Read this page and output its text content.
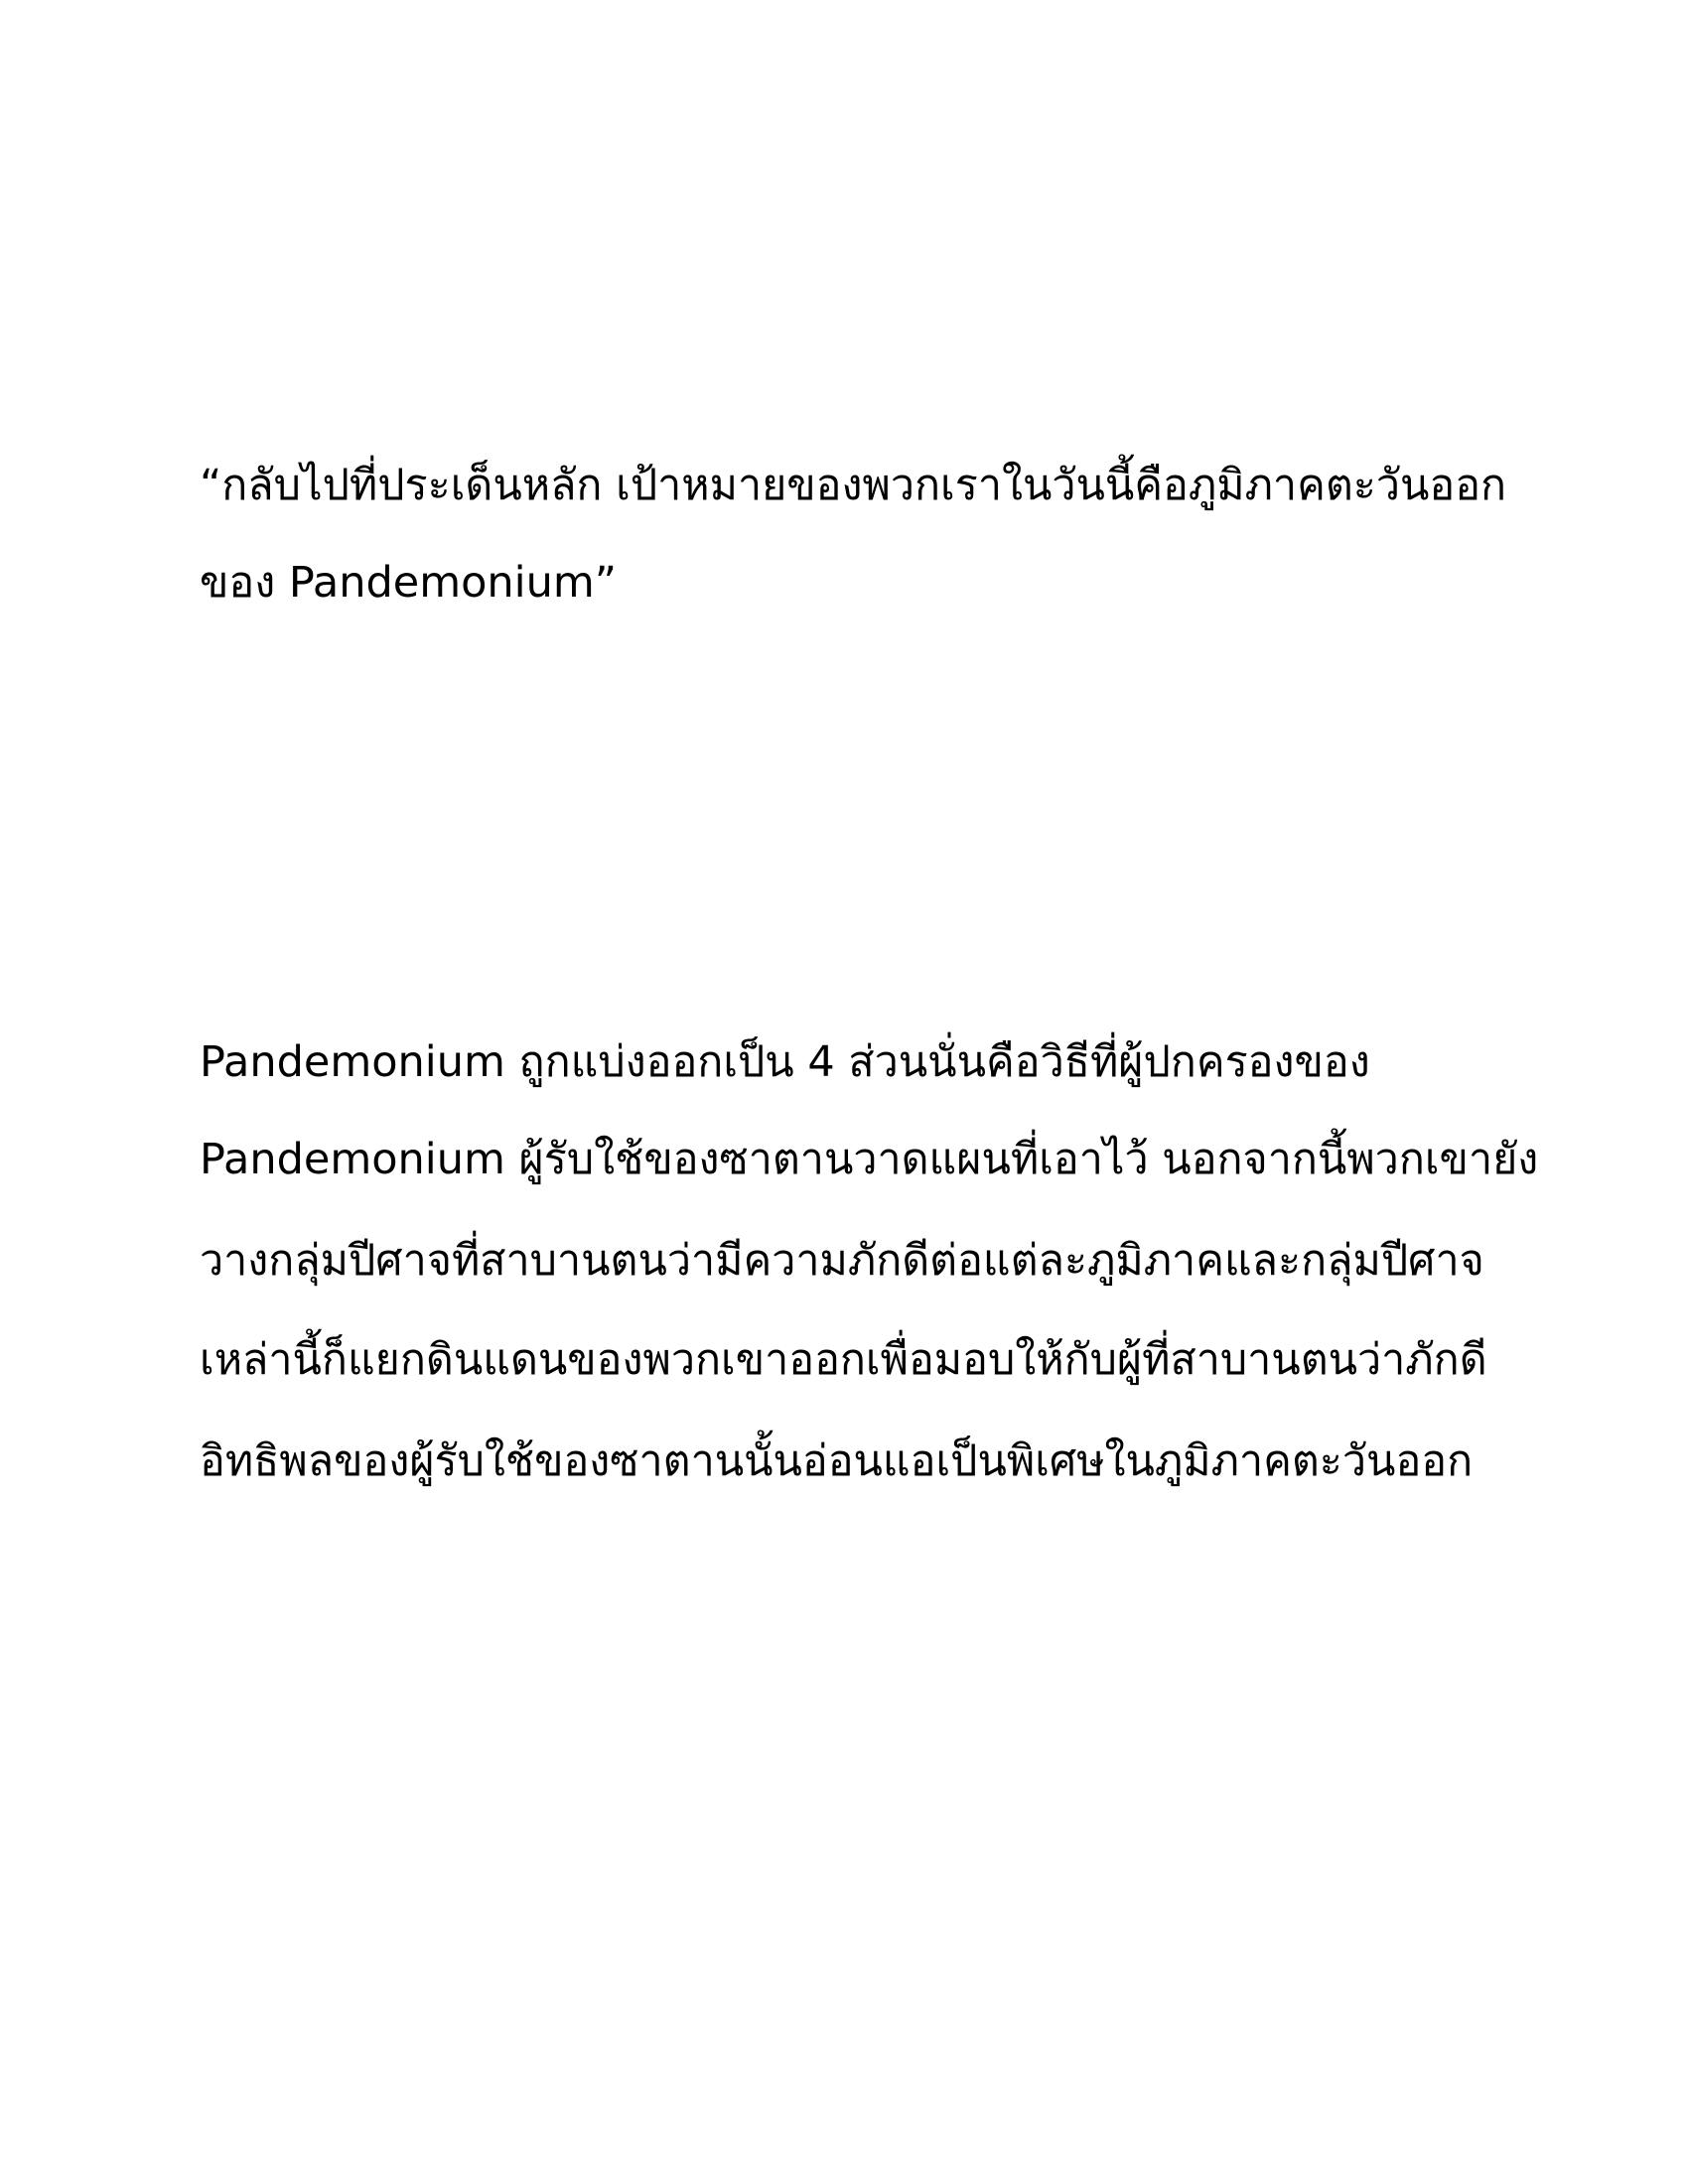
“กลับไปที่ประเด็นหลัก เป้าหมายของพวกเราในวันนี้คือภูมิภาคตะวันออก
ของ Pandemonium”
Pandemonium ถูกแบ่งออกเป็น 4 ส่วนนั่นคือวิธีที่ผู้ปกครองของ
Pandemonium ผู้รับใช้ของซาตานวาดแผนที่เอาไว้ นอกจากนี้พวกเขายัง
วางกลุ่มปีศาจที่สาบานตนว่ามีความภักดีต่อแต่ละภูมิภาคและกลุ่มปีศาจ
เหล่านี้ก็แยกดินแดนของพวกเขาออกเพื่อมอบให้กับผู้ที่สาบานตนว่าภักดี
อิทธิพลของผู้รับใช้ของซาตานนั้นอ่อนแอเป็นพิเศษในภูมิภาคตะวันออก
